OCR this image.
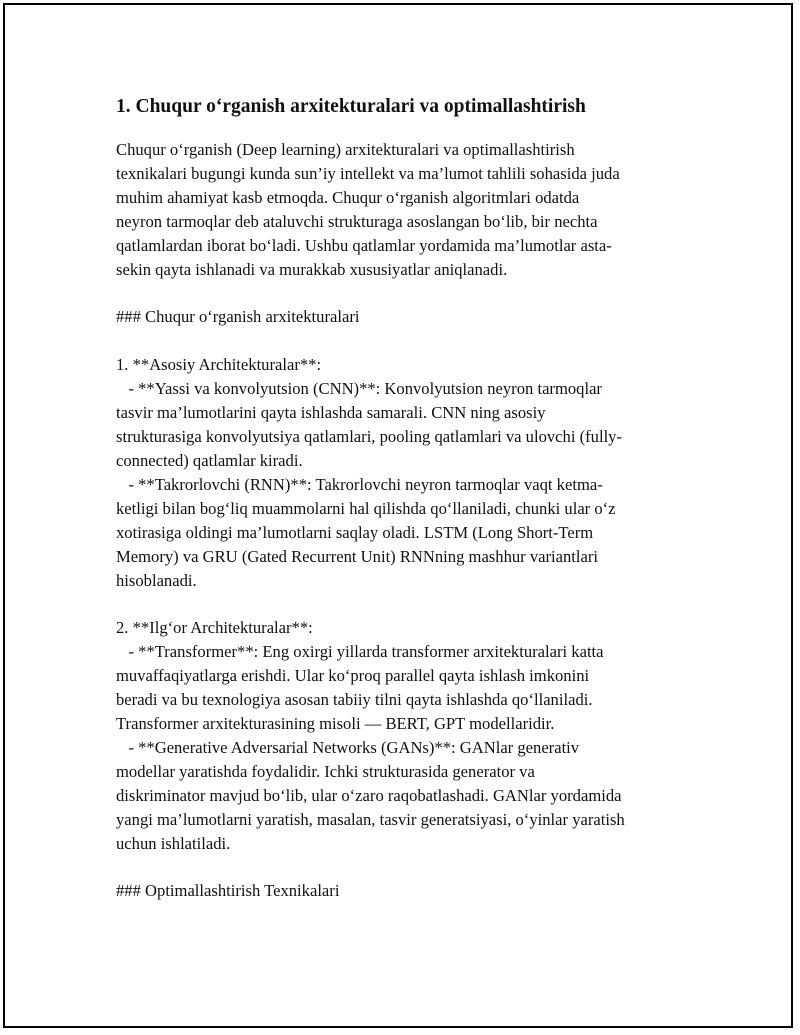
1. Chuqur o‘rganish arxitekturalari va optimallashtirish

Chuqur o‘rganish (Deep learning) arxitekturalari va optimallashtirish
texnikalari bugungi kunda sun’iy intellekt va ma’lumot tahlili sohasida juda
muhim ahamiyat kasb etmoqda. Chuqur o‘rganish algoritmlari odatda
neyron tarmoqlar deb ataluvchi strukturaga asoslangan bo‘lib, bir nechta
qatlamlardan iborat bo‘ladi. Ushbu qatlamlar yordamida ma’lumotlar asta-
sekin qayta ishlanadi va murakkab xususiyatlar aniqlanadi.

### Chuqur o‘rganish arxitekturalari

1. **Asosiy Architekturalar**:
- **Yassi va konvolyutsion (CNN)**: Konvolyutsion neyron tarmoqlar
tasvir ma’lumotlarini qayta ishlashda samarali. CNN ning asosiy
strukturasiga konvolyutsiya qatlamlari, pooling qatlamlari va ulovchi (fully-
connected) qatlamlar kiradi.
- **Takrorlovchi (RNN)**: Takrorlovchi neyron tarmoqlar vaqt ketma-
ketligi bilan bog‘liq muammolarni hal qilishda qo‘llaniladi, chunki ular o‘z
xotirasiga oldingi ma’lumotlarni saqlay oladi. LSTM (Long Short-Term
Memory) va GRU (Gated Recurrent Unit) RNNning mashhur variantlari
hisoblanadi.

2. **Ilg‘or Architekturalar**:
- **Transformer**: Eng oxirgi yillarda transformer arxitekturalari katta
muvaffaqiyatlarga erishdi. Ular ko‘proq parallel qayta ishlash imkonini
beradi va bu texnologiya asosan tabiiy tilni qayta ishlashda qo‘llaniladi.
Transformer arxitekturasining misoli — BERT, GPT modellaridir.
- **Generative Adversarial Networks (GANs)**: GANlar generativ
modellar yaratishda foydalidir. Ichki strukturasida generator va
diskriminator mavjud bo‘lib, ular o‘zaro raqobatlashadi. GANlar yordamida
yangi ma’lumotlarni yaratish, masalan, tasvir generatsiyasi, o‘yinlar yaratish
uchun ishlatiladi.

### Optimallashtirish Texnikalari
